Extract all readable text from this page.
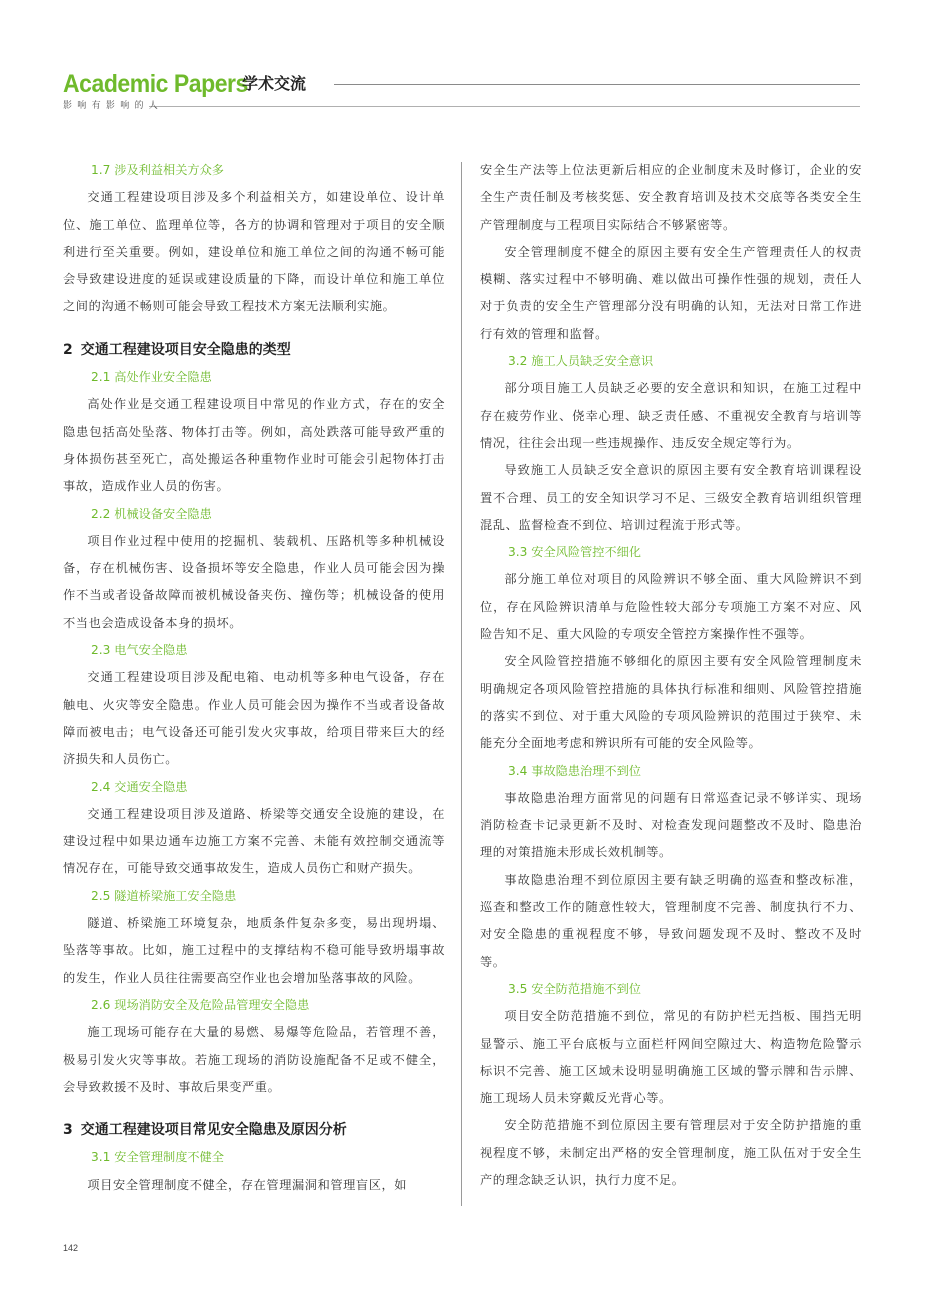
Academic Papers
学术交流
影响有影响的人
1.7 涉及利益相关方众多

交通工程建设项目涉及多个利益相关方，如建设单位、设计单位、施工单位、监理单位等，各方的协调和管理对于项目的安全顺利进行至关重要。例如，建设单位和施工单位之间的沟通不畅可能会导致建设进度的延误或建设质量的下降，而设计单位和施工单位之间的沟通不畅则可能会导致工程技术方案无法顺利实施。

2 交通工程建设项目安全隐患的类型
2.1 高处作业安全隐患

高处作业是交通工程建设项目中常见的作业方式，存在的安全隐患包括高处坠落、物体打击等。例如，高处跌落可能导致严重的身体损伤甚至死亡，高处搬运各种重物作业时可能会引起物体打击事故，造成作业人员的伤害。

2.2 机械设备安全隐患

项目作业过程中使用的挖掘机、装载机、压路机等多种机械设备，存在机械伤害、设备损坏等安全隐患，作业人员可能会因为操作不当或者设备故障而被机械设备夹伤、撞伤等；机械设备的使用不当也会造成设备本身的损坏。

2.3 电气安全隐患

交通工程建设项目涉及配电箱、电动机等多种电气设备，存在触电、火灾等安全隐患。作业人员可能会因为操作不当或者设备故障而被电击；电气设备还可能引发火灾事故，给项目带来巨大的经济损失和人员伤亡。

2.4 交通安全隐患

交通工程建设项目涉及道路、桥梁等交通安全设施的建设，在建设过程中如果边通车边施工方案不完善、未能有效控制交通流等情况存在，可能导致交通事故发生，造成人员伤亡和财产损失。

2.5 隧道桥梁施工安全隐患

隧道、桥梁施工环境复杂，地质条件复杂多变，易出现坍塌、坠落等事故。比如，施工过程中的支撑结构不稳可能导致坍塌事故的发生，作业人员往往需要高空作业也会增加坠落事故的风险。

2.6 现场消防安全及危险品管理安全隐患

施工现场可能存在大量的易燃、易爆等危险品，若管理不善，极易引发火灾等事故。若施工现场的消防设施配备不足或不健全，会导致救援不及时、事故后果变严重。

3 交通工程建设项目常见安全隐患及原因分析
3.1 安全管理制度不健全

项目安全管理制度不健全，存在管理漏洞和管理盲区，如

安全生产法等上位法更新后相应的企业制度未及时修订，企业的安全生产责任制及考核奖惩、安全教育培训及技术交底等各类安全生产管理制度与工程项目实际结合不够紧密等。

安全管理制度不健全的原因主要有安全生产管理责任人的权责模糊、落实过程中不够明确、难以做出可操作性强的规划，责任人对于负责的安全生产管理部分没有明确的认知，无法对日常工作进行有效的管理和监督。

3.2 施工人员缺乏安全意识

部分项目施工人员缺乏必要的安全意识和知识，在施工过程中存在疲劳作业、侥幸心理、缺乏责任感、不重视安全教育与培训等情况，往往会出现一些违规操作、违反安全规定等行为。

导致施工人员缺乏安全意识的原因主要有安全教育培训课程设置不合理、员工的安全知识学习不足、三级安全教育培训组织管理混乱、监督检查不到位、培训过程流于形式等。

3.3 安全风险管控不细化

部分施工单位对项目的风险辨识不够全面、重大风险辨识不到位，存在风险辨识清单与危险性较大部分专项施工方案不对应、风险告知不足、重大风险的专项安全管控方案操作性不强等。

安全风险管控措施不够细化的原因主要有安全风险管理制度未明确规定各项风险管控措施的具体执行标准和细则、风险管控措施的落实不到位、对于重大风险的专项风险辨识的范围过于狭窄、未能充分全面地考虑和辨识所有可能的安全风险等。

3.4 事故隐患治理不到位

事故隐患治理方面常见的问题有日常巡查记录不够详实、现场消防检查卡记录更新不及时、对检查发现问题整改不及时、隐患治理的对策措施未形成长效机制等。

事故隐患治理不到位原因主要有缺乏明确的巡查和整改标准，巡查和整改工作的随意性较大，管理制度不完善、制度执行不力、对安全隐患的重视程度不够，导致问题发现不及时、整改不及时等。

3.5 安全防范措施不到位

项目安全防范措施不到位，常见的有防护栏无挡板、围挡无明显警示、施工平台底板与立面栏杆网间空隙过大、构造物危险警示标识不完善、施工区域未设明显明确施工区域的警示牌和告示牌、施工现场人员未穿戴反光背心等。

安全防范措施不到位原因主要有管理层对于安全防护措施的重视程度不够，未制定出严格的安全管理制度，施工队伍对于安全生产的理念缺乏认识，执行力度不足。

142
